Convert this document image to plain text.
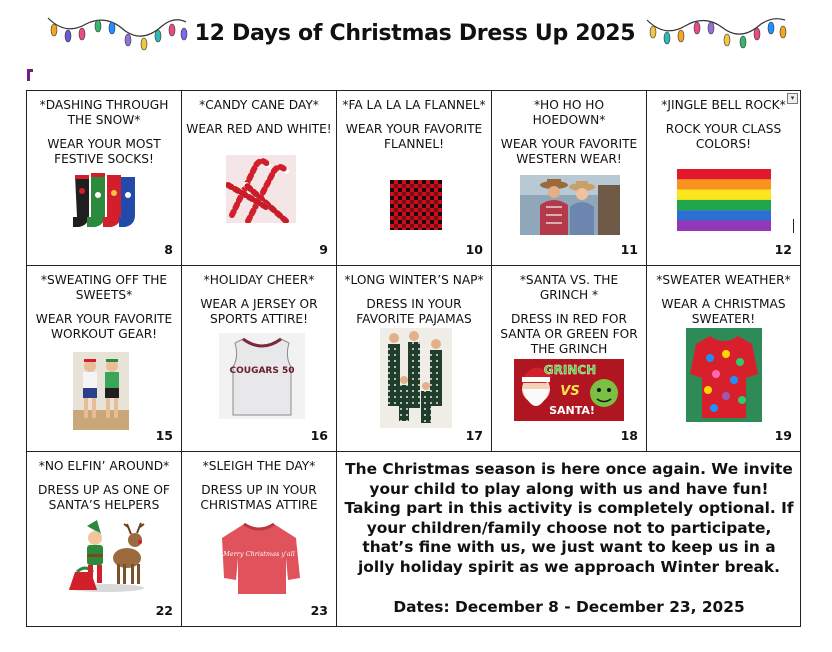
12 Days of Christmas Dress Up 2025
*DASHING THROUGH THE SNOW*
WEAR YOUR MOST FESTIVE SOCKS!
8
*CANDY CANE DAY*
WEAR RED AND WHITE!
9
*FA LA LA LA FLANNEL*
WEAR YOUR FAVORITE FLANNEL!
10
*HO HO HO HOEDOWN*
WEAR YOUR FAVORITE WESTERN WEAR!
11
▾
*JINGLE BELL ROCK*
ROCK YOUR CLASS COLORS!
12
*SWEATING OFF THE SWEETS*
WEAR YOUR FAVORITE WORKOUT GEAR!
15
*HOLIDAY CHEER*
WEAR A JERSEY OR SPORTS ATTIRE!
COUGARS 50
16
*LONG WINTER’S NAP*
DRESS IN YOUR FAVORITE PAJAMAS
17
*SANTA VS. THE GRINCH *
DRESS IN RED FOR SANTA OR GREEN FOR THE GRINCH
GRINCH
VS
SANTA!
18
*SWEATER WEATHER*
WEAR A CHRISTMAS SWEATER!
19
*NO ELFIN’ AROUND*
DRESS UP AS ONE OF SANTA’S HELPERS
22
*SLEIGH THE DAY*
DRESS UP IN YOUR CHRISTMAS ATTIRE
Merry Christmas y'all
23
The Christmas season is here once again. We invite your child to play along with us and have fun! Taking part in this activity is completely optional. If your children/family choose not to participate, that’s fine with us, we just want to keep us in a jolly holiday spirit as we approach Winter break.
Dates: December 8 - December 23, 2025
